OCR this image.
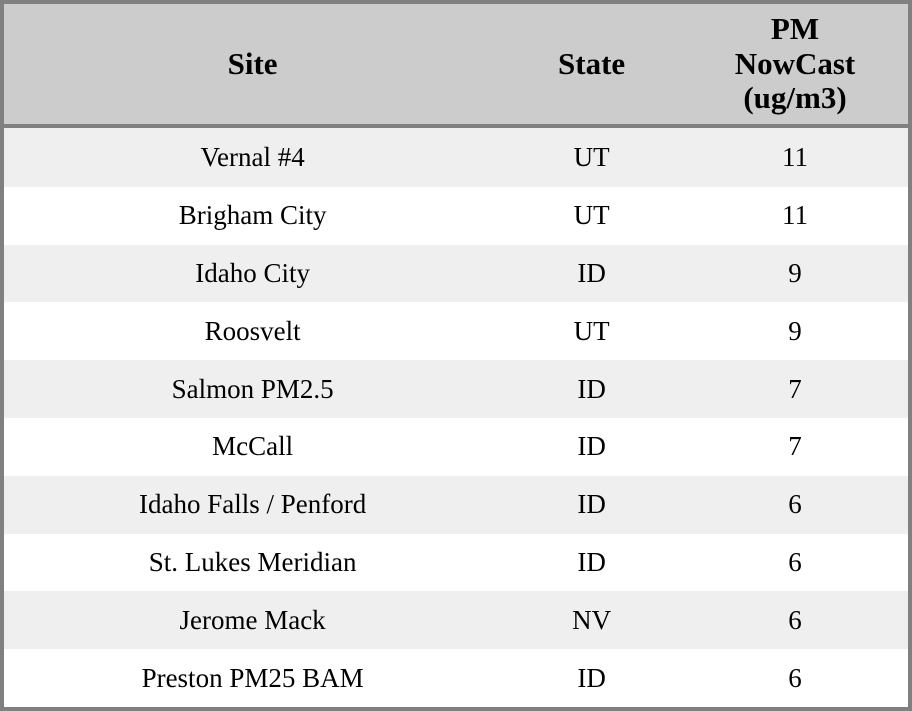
Site	State	PM
NowCast
(ug/m3)

Vernal #4	UT	11
Brigham City	UT	11
Idaho City	ID	9
Roosvelt	UT	9
Salmon PM2.5	ID	7
McCall	ID	7
Idaho Falls / Penford	ID	6
St. Lukes Meridian	ID	6
Jerome Mack	NV	6
Preston PM25 BAM	ID	6
